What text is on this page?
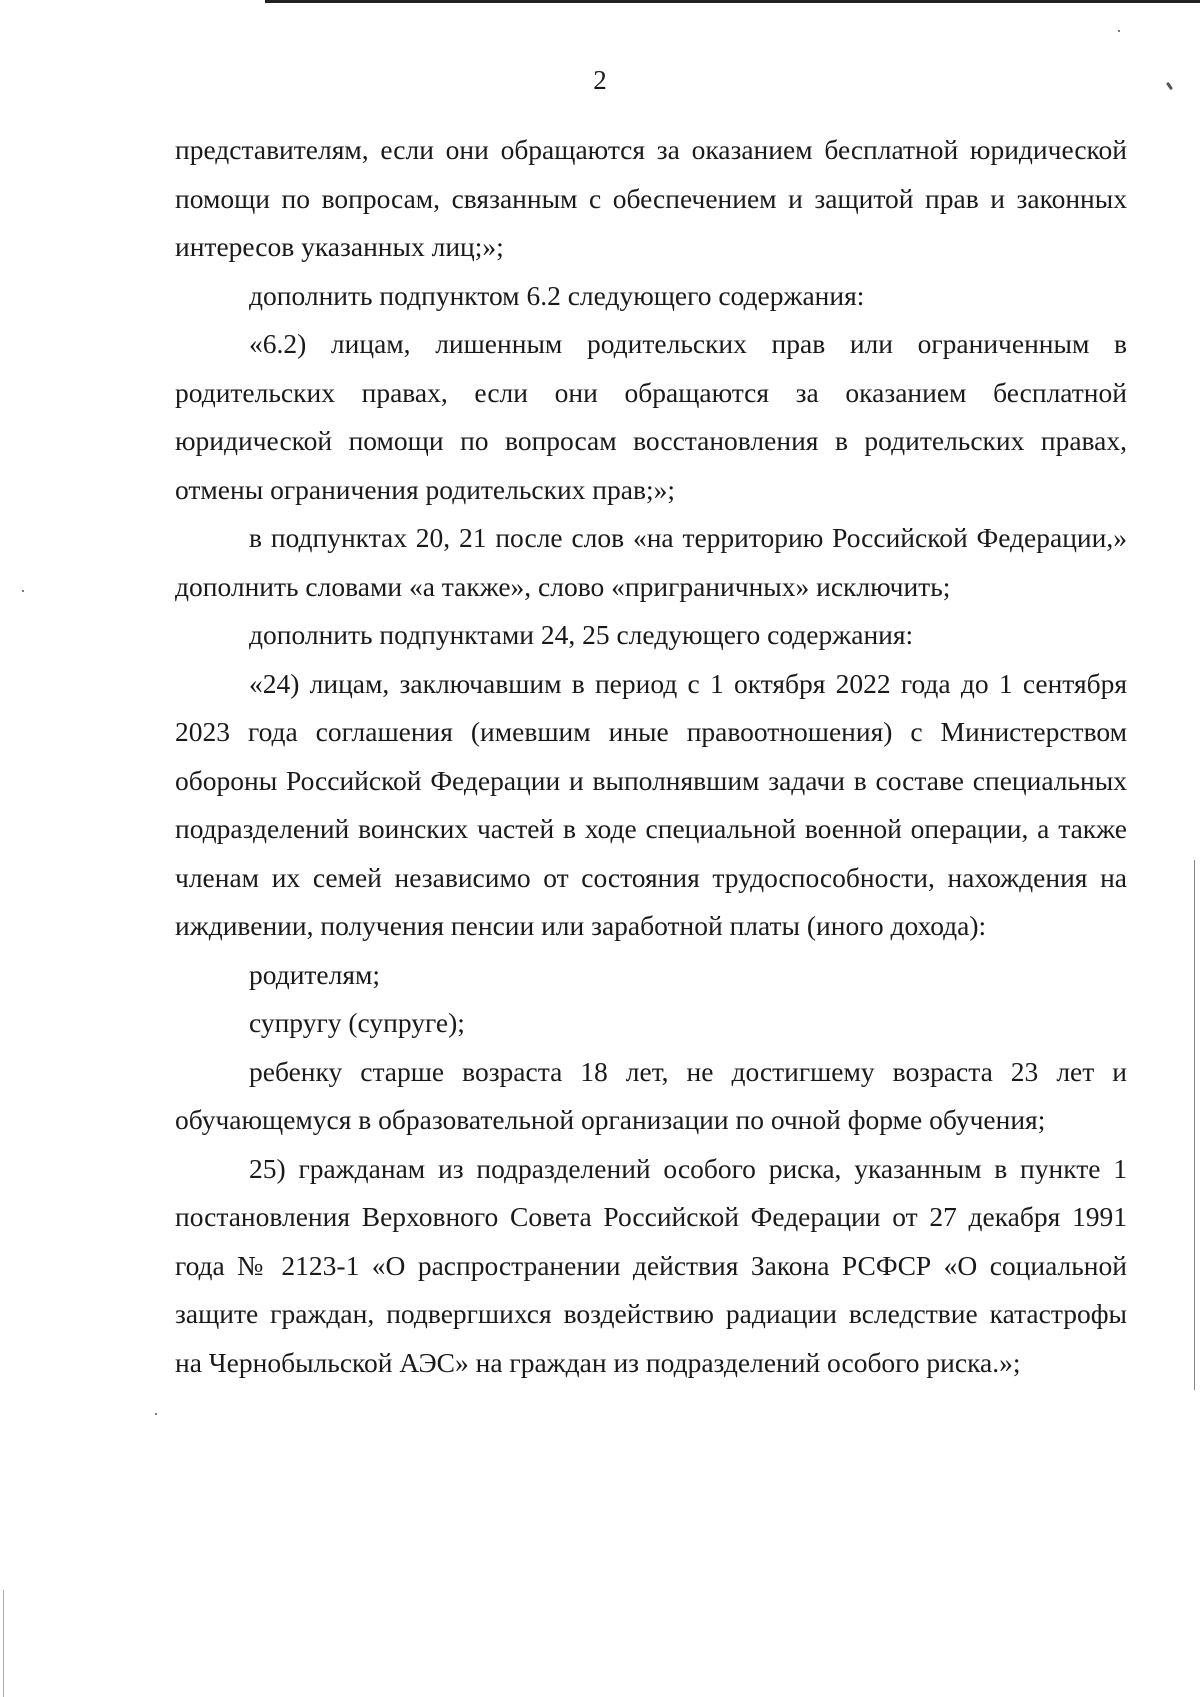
2

представителям, если они обращаются за оказанием бесплатной юридической помощи по вопросам, связанным с обеспечением и защитой прав и законных интересов указанных лиц;»;

дополнить подпунктом 6.2 следующего содержания:

«6.2) лицам, лишенным родительских прав или ограниченным в родительских правах, если они обращаются за оказанием бесплатной юридической помощи по вопросам восстановления в родительских правах, отмены ограничения родительских прав;»;

в подпунктах 20, 21 после слов «на территорию Российской Федерации,» дополнить словами «а также», слово «приграничных» исключить;

дополнить подпунктами 24, 25 следующего содержания:

«24) лицам, заключавшим в период с 1 октября 2022 года до 1 сентября 2023 года соглашения (имевшим иные правоотношения) с Министерством обороны Российской Федерации и выполнявшим задачи в составе специальных подразделений воинских частей в ходе специальной военной операции, а также членам их семей независимо от состояния трудоспособности, нахождения на иждивении, получения пенсии или заработной платы (иного дохода):

родителям;

супругу (супруге);

ребенку старше возраста 18 лет, не достигшему возраста 23 лет и обучающемуся в образовательной организации по очной форме обучения;

25) гражданам из подразделений особого риска, указанным в пункте 1 постановления Верховного Совета Российской Федерации от 27 декабря 1991 года № 2123-1 «О распространении действия Закона РСФСР «О социальной защите граждан, подвергшихся воздействию радиации вследствие катастрофы на Чернобыльской АЭС» на граждан из подразделений особого риска.»;
